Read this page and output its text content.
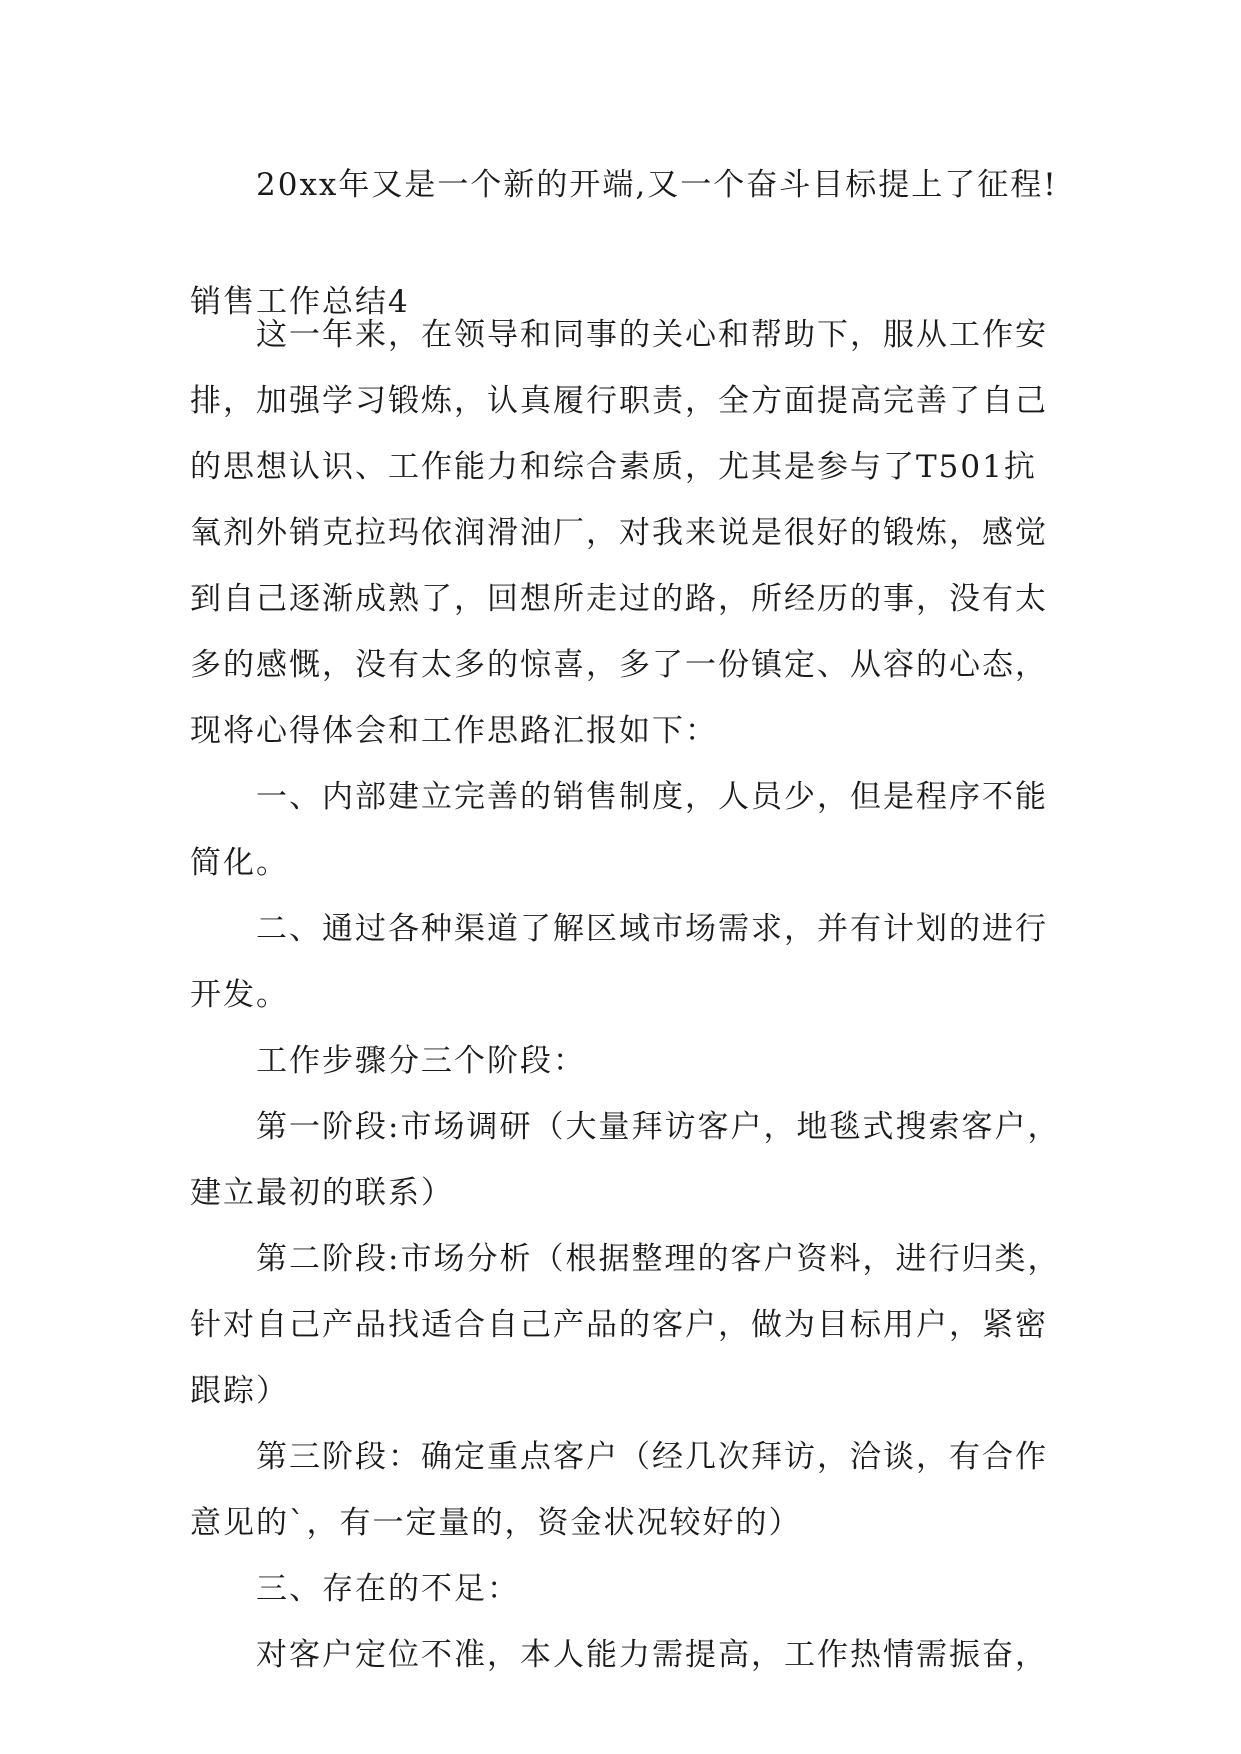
20xx年又是一个新的开端,又一个奋斗目标提上了征程!
销售工作总结4
这一年来，在领导和同事的关心和帮助下，服从工作安
排，加强学习锻炼，认真履行职责，全方面提高完善了自己
的思想认识、工作能力和综合素质，尤其是参与了T501抗
氧剂外销克拉玛依润滑油厂，对我来说是很好的锻炼，感觉
到自己逐渐成熟了，回想所走过的路，所经历的事，没有太
多的感慨，没有太多的惊喜，多了一份镇定、从容的心态，
现将心得体会和工作思路汇报如下：
一、内部建立完善的销售制度，人员少，但是程序不能
简化。
二、通过各种渠道了解区域市场需求，并有计划的进行
开发。
工作步骤分三个阶段：
第一阶段:市场调研（大量拜访客户，地毯式搜索客户，
建立最初的联系）
第二阶段:市场分析（根据整理的客户资料，进行归类，
针对自己产品找适合自己产品的客户，做为目标用户，紧密
跟踪）
第三阶段：确定重点客户（经几次拜访，洽谈，有合作
意见的`，有一定量的，资金状况较好的）
三、存在的不足：
对客户定位不准，本人能力需提高，工作热情需振奋，
